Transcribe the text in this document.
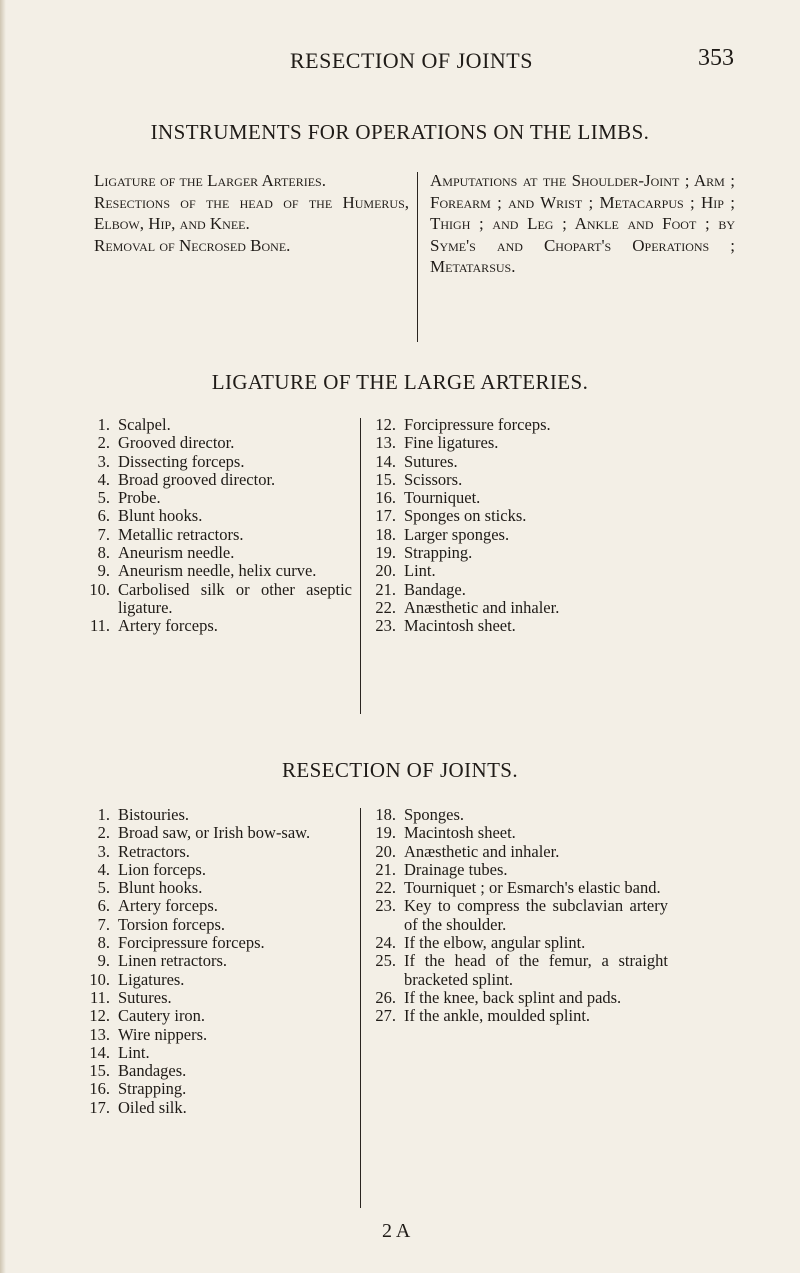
RESECTION OF JOINTS	353
INSTRUMENTS FOR OPERATIONS ON THE LIMBS.

Ligature of the Larger Arteries.

Resections of the head of the Humerus, Elbow, Hip, and Knee.

Removal of Necrosed Bone.

Amputations at the Shoulder-Joint ; Arm ; Forearm ; and Wrist ; Metacarpus ; Hip ; Thigh ; and Leg ; Ankle and Foot ; by Syme's and Chopart's Operations ; Metatarsus.

LIGATURE OF THE LARGE ARTERIES.
1. Scalpel.
2. Grooved director.
3. Dissecting forceps.
4. Broad grooved director.
5. Probe.
6. Blunt hooks.
7. Metallic retractors.
8. Aneurism needle.
9. Aneurism needle, helix curve.
10. Carbolised silk or other aseptic ligature.
11. Artery forceps.
12. Forcipressure forceps.
13. Fine ligatures.
14. Sutures.
15. Scissors.
16. Tourniquet.
17. Sponges on sticks.
18. Larger sponges.
19. Strapping.
20. Lint.
21. Bandage.
22. Anæsthetic and inhaler.
23. Macintosh sheet.
RESECTION OF JOINTS.
1. Bistouries.
2. Broad saw, or Irish bow-saw.
3. Retractors.
4. Lion forceps.
5. Blunt hooks.
6. Artery forceps.
7. Torsion forceps.
8. Forcipressure forceps.
9. Linen retractors.
10. Ligatures.
11. Sutures.
12. Cautery iron.
13. Wire nippers.
14. Lint.
15. Bandages.
16. Strapping.
17. Oiled silk.
18. Sponges.
19. Macintosh sheet.
20. Anæsthetic and inhaler.
21. Drainage tubes.
22. Tourniquet ; or Esmarch's elastic band.
23. Key to compress the subclavian artery of the shoulder.
24. If the elbow, angular splint.
25. If the head of the femur, a straight bracketed splint.
26. If the knee, back splint and pads.
27. If the ankle, moulded splint.
2 A
